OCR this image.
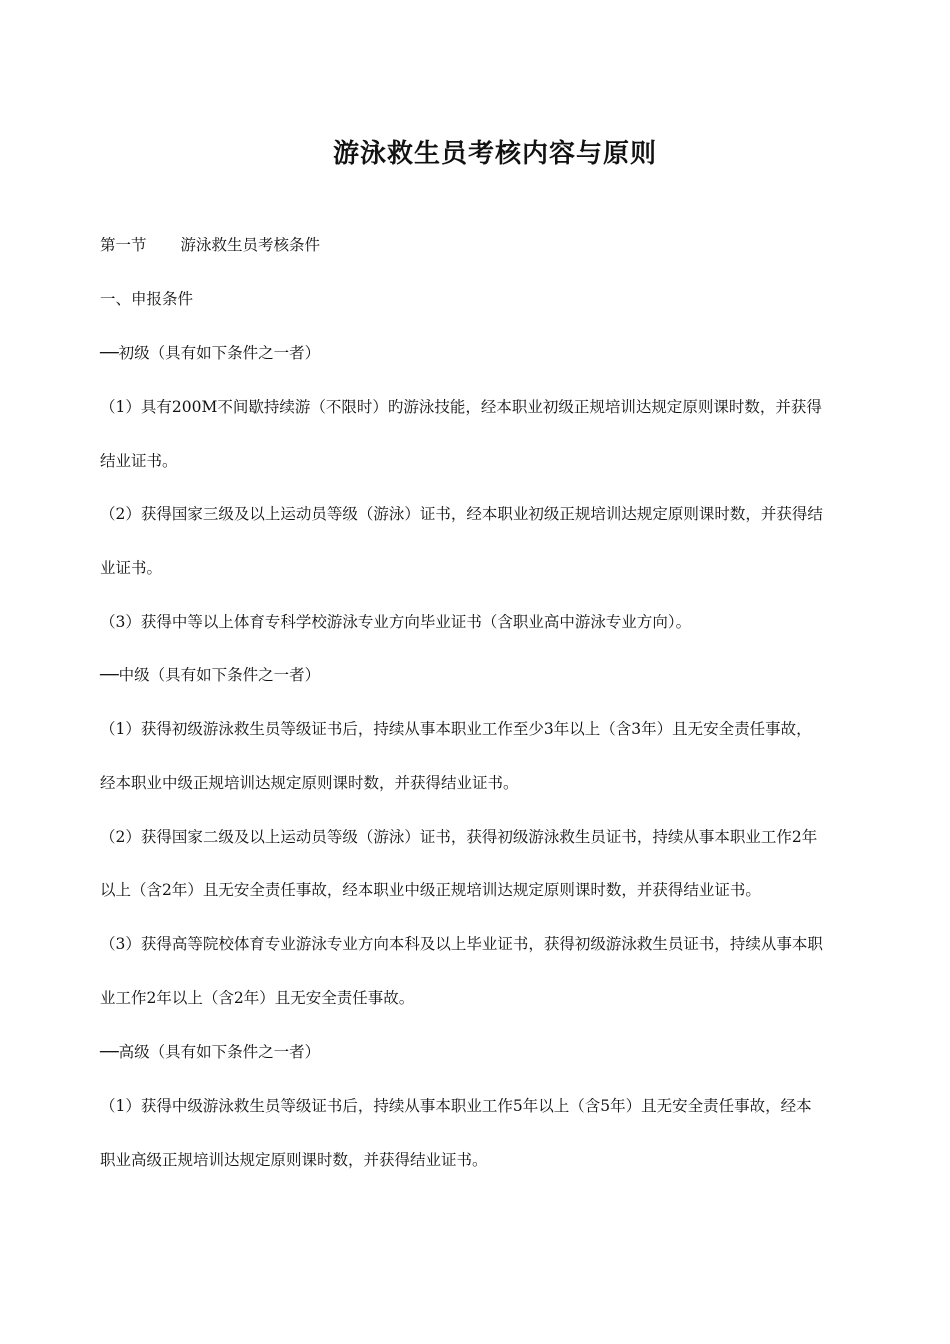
游泳救生员考核内容与原则

第一节 游泳救生员考核条件

一、申报条件

──初级（具有如下条件之一者）

（1）具有200M不间歇持续游（不限时）旳游泳技能，经本职业初级正规培训达规定原则课时数，并获得

结业证书。

（2）获得国家三级及以上运动员等级（游泳）证书，经本职业初级正规培训达规定原则课时数，并获得结

业证书。

（3）获得中等以上体育专科学校游泳专业方向毕业证书（含职业高中游泳专业方向）。

──中级（具有如下条件之一者）

（1）获得初级游泳救生员等级证书后，持续从事本职业工作至少3年以上（含3年）且无安全责任事故，

经本职业中级正规培训达规定原则课时数，并获得结业证书。

（2）获得国家二级及以上运动员等级（游泳）证书，获得初级游泳救生员证书，持续从事本职业工作2年

以上（含2年）且无安全责任事故，经本职业中级正规培训达规定原则课时数，并获得结业证书。

（3）获得高等院校体育专业游泳专业方向本科及以上毕业证书，获得初级游泳救生员证书，持续从事本职

业工作2年以上（含2年）且无安全责任事故。

──高级（具有如下条件之一者）

（1）获得中级游泳救生员等级证书后，持续从事本职业工作5年以上（含5年）且无安全责任事故，经本

职业高级正规培训达规定原则课时数，并获得结业证书。
